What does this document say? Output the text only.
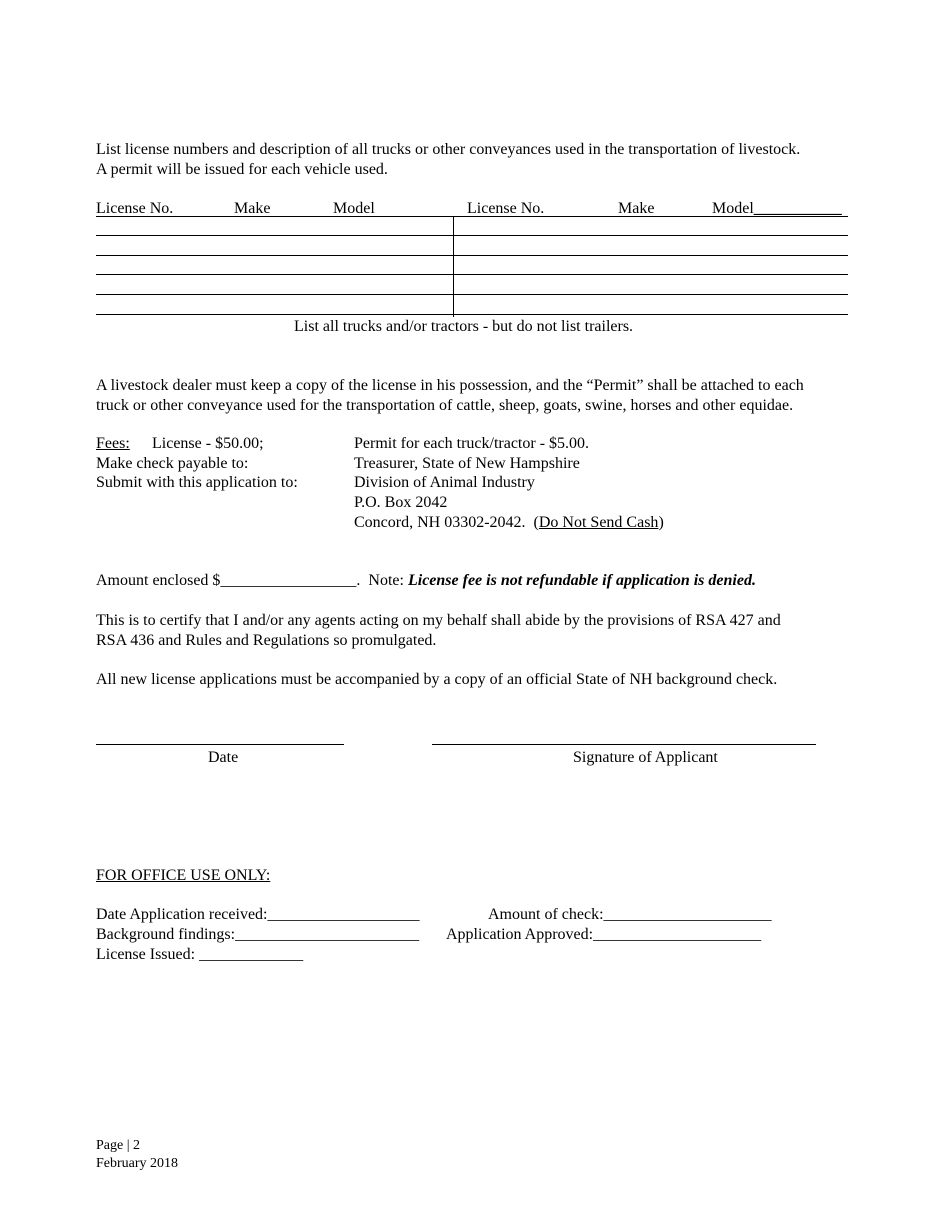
List license numbers and description of all trucks or other conveyances used in the transportation of livestock.
A permit will be issued for each vehicle used.
License No.	Make	Model	License No.	Make	Model___________
List all trucks and/or tractors - but do not list trailers.
A livestock dealer must keep a copy of the license in his possession, and the “Permit” shall be attached to each
truck or other conveyance used for the transportation of cattle, sheep, goats, swine, horses and other equidae.
Fees: License - $50.00;	Permit for each truck/tractor - $5.00.
Make check payable to:	Treasurer, State of New Hampshire
Submit with this application to:	Division of Animal Industry
P.O. Box 2042
Concord, NH 03302-2042. (Do Not Send Cash)
Amount enclosed $_________________. Note: License fee is not refundable if application is denied.
This is to certify that I and/or any agents acting on my behalf shall abide by the provisions of RSA 427 and
RSA 436 and Rules and Regulations so promulgated.
All new license applications must be accompanied by a copy of an official State of NH background check.
Date	Signature of Applicant
FOR OFFICE USE ONLY:
Date Application received:___________________	Amount of check:_____________________
Background findings:_______________________ Application Approved:_____________________
License Issued: _____________
Page | 2
February 2018
